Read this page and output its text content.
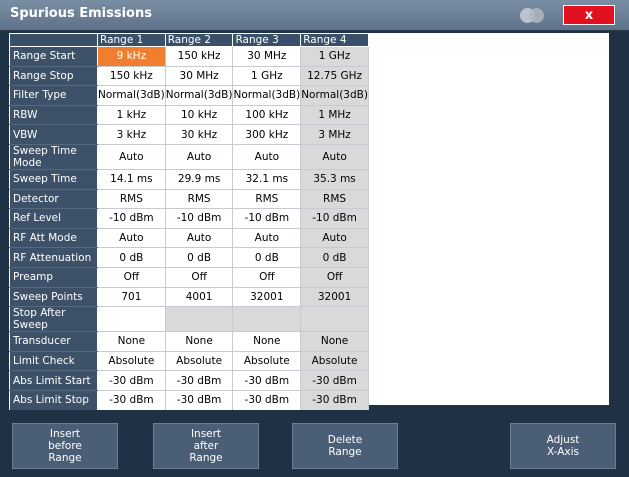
Spurious Emissions	x
	Range 1	Range 2	Range 3	Range 4
Range Start	9 kHz	150 kHz	30 MHz	1 GHz
Range Stop	150 kHz	30 MHz	1 GHz	12.75 GHz
Filter Type	Normal(3dB)	Normal(3dB)	Normal(3dB)	Normal(3dB)
RBW	1 kHz	10 kHz	100 kHz	1 MHz
VBW	3 kHz	30 kHz	300 kHz	3 MHz
Sweep Time Mode	Auto	Auto	Auto	Auto
Sweep Time	14.1 ms	29.9 ms	32.1 ms	35.3 ms
Detector	RMS	RMS	RMS	RMS
Ref Level	-10 dBm	-10 dBm	-10 dBm	-10 dBm
RF Att Mode	Auto	Auto	Auto	Auto
RF Attenuation	0 dB	0 dB	0 dB	0 dB
Preamp	Off	Off	Off	Off
Sweep Points	701	4001	32001	32001
Stop After Sweep				
Transducer	None	None	None	None
Limit Check	Absolute	Absolute	Absolute	Absolute
Abs Limit Start	-30 dBm	-30 dBm	-30 dBm	-30 dBm
Abs Limit Stop	-30 dBm	-30 dBm	-30 dBm	-30 dBm
Insert
before
Range
Insert
after
Range
Delete
Range
Adjust
X-Axis
